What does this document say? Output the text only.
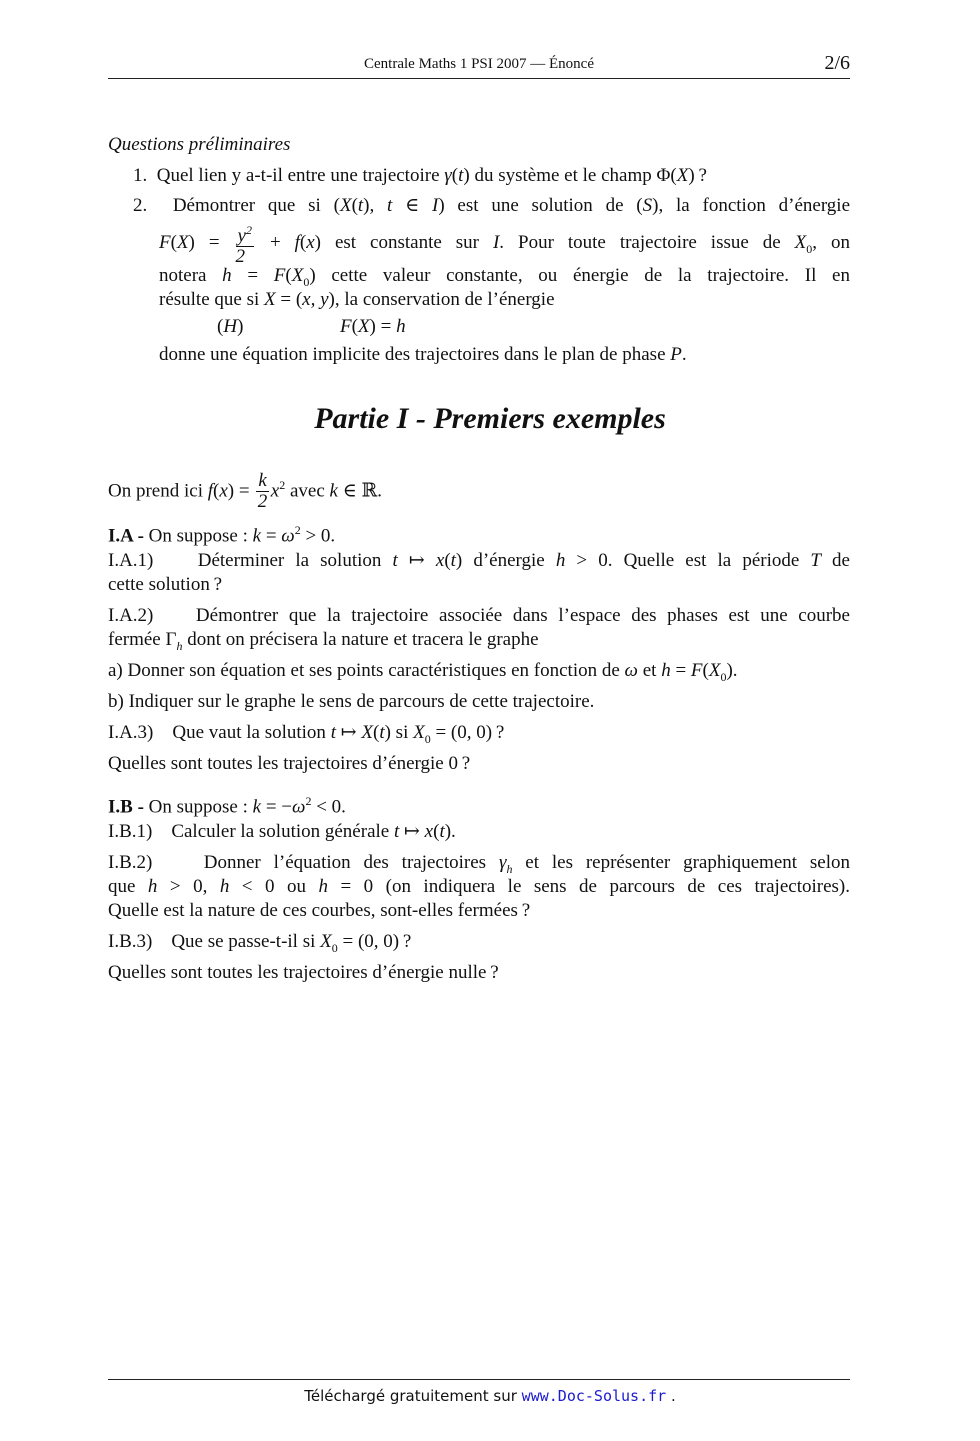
Centrale Maths 1 PSI 2007 — Énoncé	2/6
Questions préliminaires
1.  Quel lien y a-t-il entre une trajectoire γ(t) du système et le champ Φ(X) ?
2.  Démontrer que si (X(t), t ∈ I) est une solution de (S), la fonction d’énergie
$F(X) = \frac{y^2}{2} + f(x)$ est constante sur I. Pour toute trajectoire issue de $X_0$, on
notera $h = F(X_0)$ cette valeur constante, ou énergie de la trajectoire. Il en
résulte que si X = (x, y), la conservation de l’énergie
(H)	F(X) = h
donne une équation implicite des trajectoires dans le plan de phase P.
Partie I - Premiers exemples
On prend ici $f(x) = \frac{k}{2} x^2$ avec k ∈ ℝ.
I.A - On suppose : $k = \omega^2 > 0$.
I.A.1)    Déterminer la solution t ↦ x(t) d’énergie h > 0. Quelle est la période T de
cette solution ?
I.A.2)    Démontrer que la trajectoire associée dans l’espace des phases est une courbe
fermée $\Gamma_h$ dont on précisera la nature et tracera le graphe
a) Donner son équation et ses points caractéristiques en fonction de ω et $h = F(X_0)$.
b) Indiquer sur le graphe le sens de parcours de cette trajectoire.
I.A.3)    Que vaut la solution t ↦ X(t) si $X_0 = (0$, 0) ?
Quelles sont toutes les trajectoires d’énergie 0 ?
I.B - On suppose : $k = -\omega^2 < 0$.
I.B.1)    Calculer la solution générale t ↦ x(t).
I.B.2)    Donner l’équation des trajectoires $\gamma_h$ et les représenter graphiquement selon
que h > 0, h < 0 ou h = 0 (on indiquera le sens de parcours de ces trajectoires).
Quelle est la nature de ces courbes, sont-elles fermées ?
I.B.3)    Que se passe-t-il si $X_0 = (0$, 0) ?
Quelles sont toutes les trajectoires d’énergie nulle ?
Téléchargé gratuitement sur www.Doc-Solus.fr .
